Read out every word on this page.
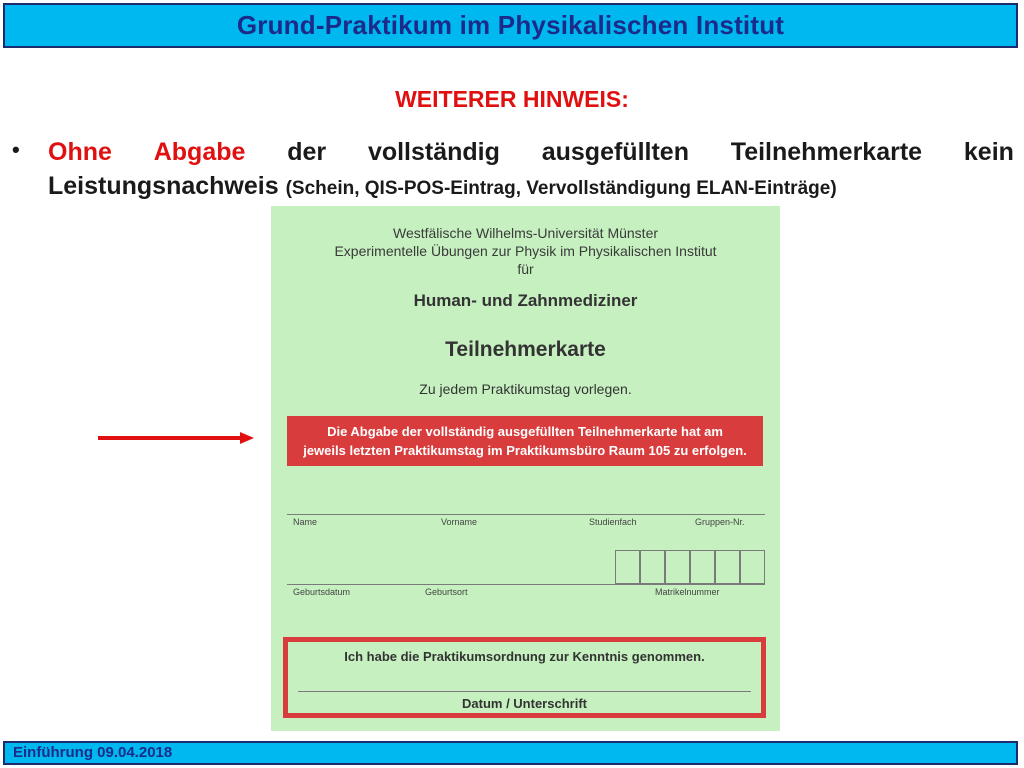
Grund-Praktikum im Physikalischen Institut
WEITERER HINWEIS:
• Ohne Abgabe der vollständig ausgefüllten Teilnehmerkarte kein
Leistungsnachweis (Schein, QIS-POS-Eintrag, Vervollständigung ELAN-Einträge)
Westfälische Wilhelms-Universität Münster
Experimentelle Übungen zur Physik im Physikalischen Institut
für
Human- und Zahnmediziner
Teilnehmerkarte
Zu jedem Praktikumstag vorlegen.
Die Abgabe der vollständig ausgefüllten Teilnehmerkarte hat am
jeweils letzten Praktikumstag im Praktikumsbüro Raum 105 zu erfolgen.
Name	Vorname	Studienfach	Gruppen-Nr.
Geburtsdatum	Geburtsort	Matrikelnummer
Ich habe die Praktikumsordnung zur Kenntnis genommen.
Datum / Unterschrift
Einführung 09.04.2018
